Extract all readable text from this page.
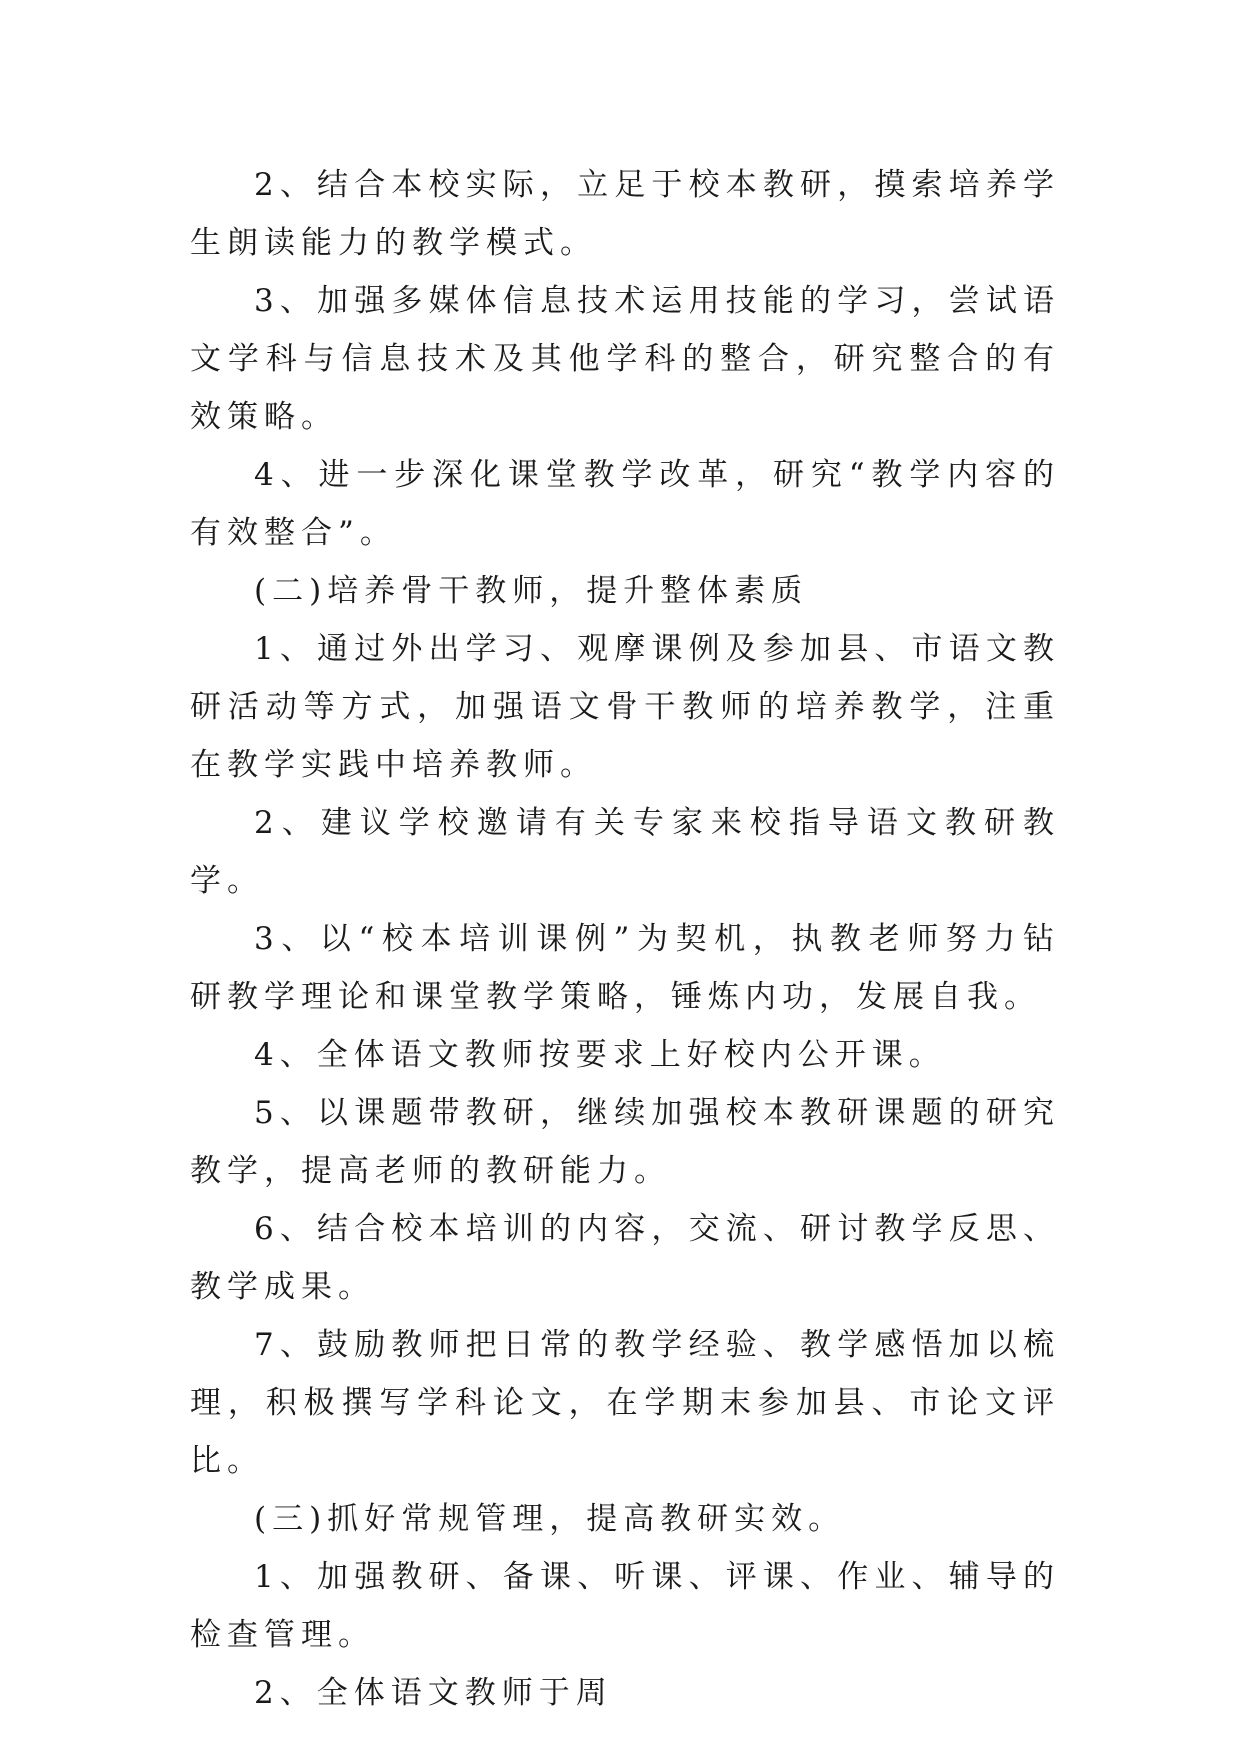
2、结合本校实际，立足于校本教研，摸索培养学生朗读能力的教学模式。

3、加强多媒体信息技术运用技能的学习，尝试语文学科与信息技术及其他学科的整合，研究整合的有效策略。

4、进一步深化课堂教学改革，研究“教学内容的有效整合”。

(二)培养骨干教师，提升整体素质

1、通过外出学习、观摩课例及参加县、市语文教研活动等方式，加强语文骨干教师的培养教学，注重在教学实践中培养教师。

2、建议学校邀请有关专家来校指导语文教研教学。

3、以“校本培训课例”为契机，执教老师努力钻研教学理论和课堂教学策略，锤炼内功，发展自我。

4、全体语文教师按要求上好校内公开课。

5、以课题带教研，继续加强校本教研课题的研究教学，提高老师的教研能力。

6、结合校本培训的内容，交流、研讨教学反思、教学成果。

7、鼓励教师把日常的教学经验、教学感悟加以梳理，积极撰写学科论文，在学期末参加县、市论文评比。

(三)抓好常规管理，提高教研实效。

1、加强教研、备课、听课、评课、作业、辅导的检查管理。

2、全体语文教师于周
